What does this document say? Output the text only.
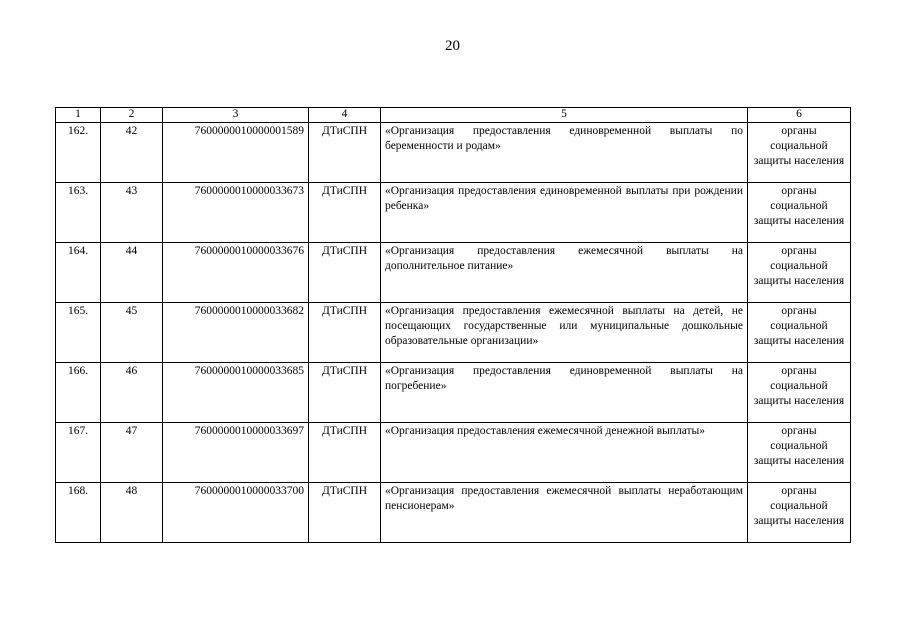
20
1	2	3	4	5	6
162.	42	7600000010000001589	ДТиСПН	«Организация предоставления единовременной выплаты по беременности и родам»	органы социальной защиты населения
163.	43	7600000010000033673	ДТиСПН	«Организация предоставления единовременной выплаты при рождении ребенка»	органы социальной защиты населения
164.	44	7600000010000033676	ДТиСПН	«Организация предоставления ежемесячной выплаты на дополнительное питание»	органы социальной защиты населения
165.	45	7600000010000033682	ДТиСПН	«Организация предоставления ежемесячной выплаты на детей, не посещающих государственные или муниципальные дошкольные образовательные организации»	органы социальной защиты населения
166.	46	7600000010000033685	ДТиСПН	«Организация предоставления единовременной выплаты на погребение»	органы социальной защиты населения
167.	47	7600000010000033697	ДТиСПН	«Организация предоставления ежемесячной денежной выплаты»	органы социальной защиты населения
168.	48	7600000010000033700	ДТиСПН	«Организация предоставления ежемесячной выплаты неработающим пенсионерам»	органы социальной защиты населения
